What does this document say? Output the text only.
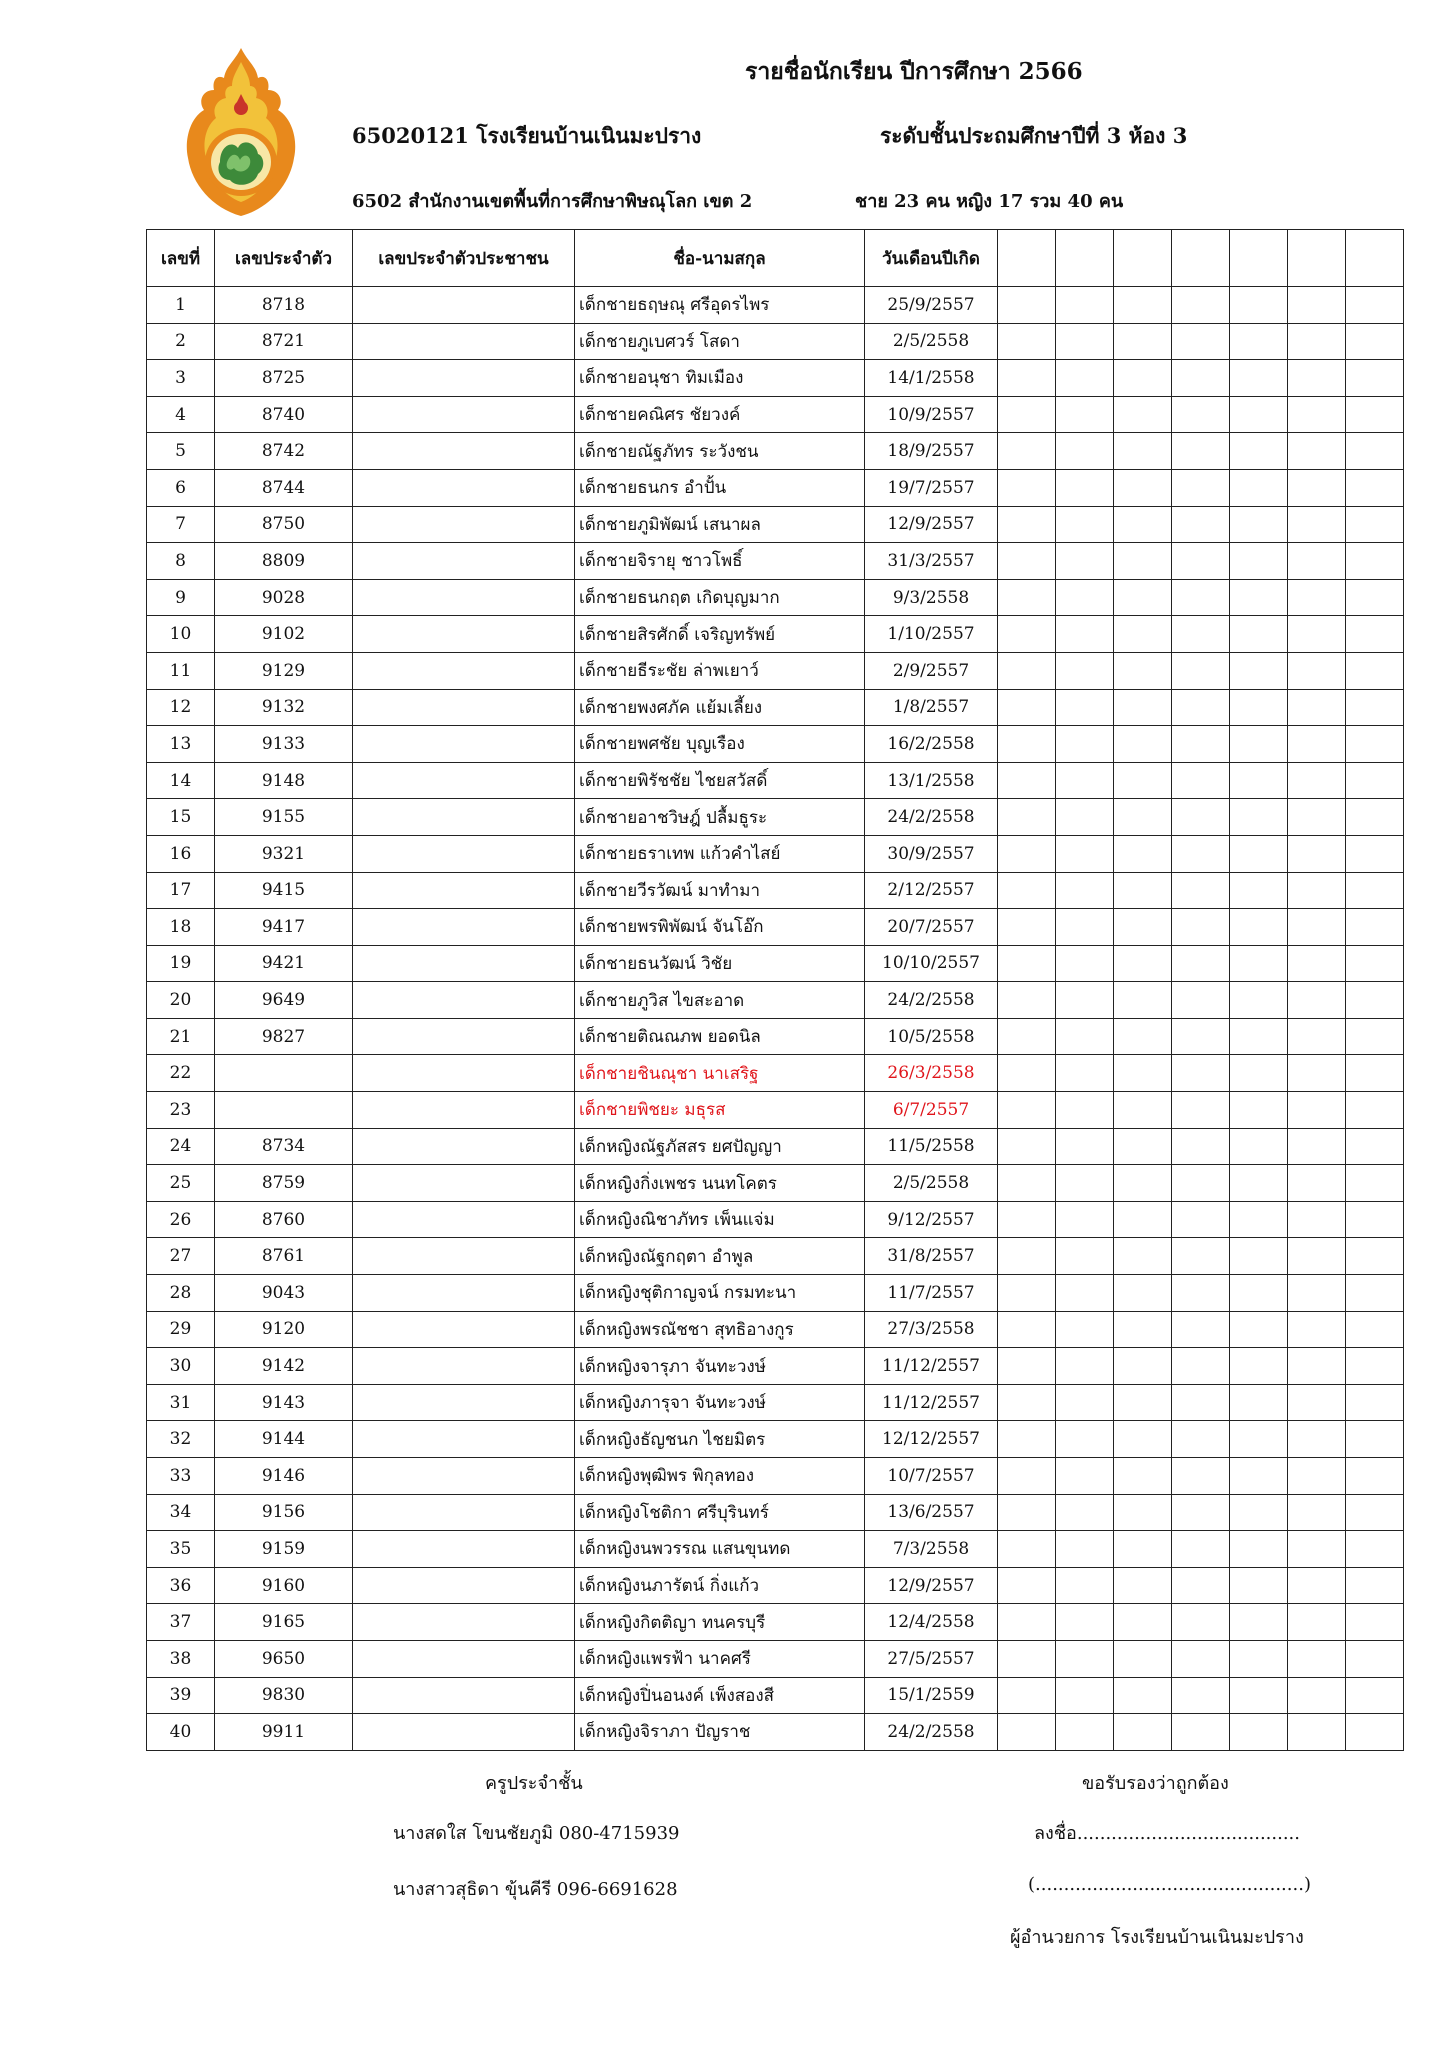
รายชื่อนักเรียน ปีการศึกษา 2566
65020121 โรงเรียนบ้านเนินมะปราง	ระดับชั้นประถมศึกษาปีที่ 3 ห้อง 3
6502 สำนักงานเขตพื้นที่การศึกษาพิษณุโลก เขต 2	ชาย 23 คน หญิง 17 รวม 40 คน
เลขที่	เลขประจำตัว	เลขประจำตัวประชาชน	ชื่อ-นามสกุล	วันเดือนปีเกิด							
1	8718		เด็กชายธฤษณุ ศรีอุดรไพร	25/9/2557							
2	8721		เด็กชายภูเบศวร์ โสดา	2/5/2558							
3	8725		เด็กชายอนุชา ทิมเมือง	14/1/2558							
4	8740		เด็กชายคณิศร ชัยวงค์	10/9/2557							
5	8742		เด็กชายณัฐภัทร ระวังชน	18/9/2557							
6	8744		เด็กชายธนกร อำปั้น	19/7/2557							
7	8750		เด็กชายภูมิพัฒน์ เสนาผล	12/9/2557							
8	8809		เด็กชายจิรายุ ชาวโพธิ์	31/3/2557							
9	9028		เด็กชายธนกฤต เกิดบุญมาก	9/3/2558							
10	9102		เด็กชายสิรศักดิ์ เจริญทรัพย์	1/10/2557							
11	9129		เด็กชายธีระชัย ล่าพเยาว์	2/9/2557							
12	9132		เด็กชายพงศภัค แย้มเลี้ยง	1/8/2557							
13	9133		เด็กชายพศชัย บุญเรือง	16/2/2558							
14	9148		เด็กชายพิรัชชัย ไชยสวัสดิ์	13/1/2558							
15	9155		เด็กชายอาชวิษฎ์ ปลื้มธูระ	24/2/2558							
16	9321		เด็กชายธราเทพ แก้วคำไสย์	30/9/2557							
17	9415		เด็กชายวีรวัฒน์ มาทำมา	2/12/2557							
18	9417		เด็กชายพรพิพัฒน์ จันโอ๊ก	20/7/2557							
19	9421		เด็กชายธนวัฒน์ วิชัย	10/10/2557							
20	9649		เด็กชายภูวิส ไขสะอาด	24/2/2558							
21	9827		เด็กชายติณณภพ ยอดนิล	10/5/2558							
22			เด็กชายชินณุชา นาเสริฐ	26/3/2558							
23			เด็กชายพิชยะ มธุรส	6/7/2557							
24	8734		เด็กหญิงณัฐภัสสร ยศปัญญา	11/5/2558							
25	8759		เด็กหญิงกิ่งเพชร นนทโคตร	2/5/2558							
26	8760		เด็กหญิงณิชาภัทร เพ็นแจ่ม	9/12/2557							
27	8761		เด็กหญิงณัฐกฤตา อำพูล	31/8/2557							
28	9043		เด็กหญิงชุติกาญจน์ กรมทะนา	11/7/2557							
29	9120		เด็กหญิงพรณัชชา สุทธิอางกูร	27/3/2558							
30	9142		เด็กหญิงจารุภา จันทะวงษ์	11/12/2557							
31	9143		เด็กหญิงภารุจา จันทะวงษ์	11/12/2557							
32	9144		เด็กหญิงธัญชนก ไชยมิตร	12/12/2557							
33	9146		เด็กหญิงพุฒิพร พิกุลทอง	10/7/2557							
34	9156		เด็กหญิงโชติกา ศรีบุรินทร์	13/6/2557							
35	9159		เด็กหญิงนพวรรณ แสนขุนทด	7/3/2558							
36	9160		เด็กหญิงนภารัตน์ กิ่งแก้ว	12/9/2557							
37	9165		เด็กหญิงกิตติญา ทนครบุรี	12/4/2558							
38	9650		เด็กหญิงแพรฟ้า นาคศรี	27/5/2557							
39	9830		เด็กหญิงปิ่นอนงค์ เพ็งสองสี	15/1/2559							
40	9911		เด็กหญิงจิราภา ปัญราช	24/2/2558							
ครูประจำชั้น
นางสดใส โขนชัยภูมิ 080-4715939
นางสาวสุธิดา ขุ้นคีรี 096-6691628
ขอรับรองว่าถูกต้อง
ลงชื่อ.......................................
(...............................................)
ผู้อำนวยการ โรงเรียนบ้านเนินมะปราง
